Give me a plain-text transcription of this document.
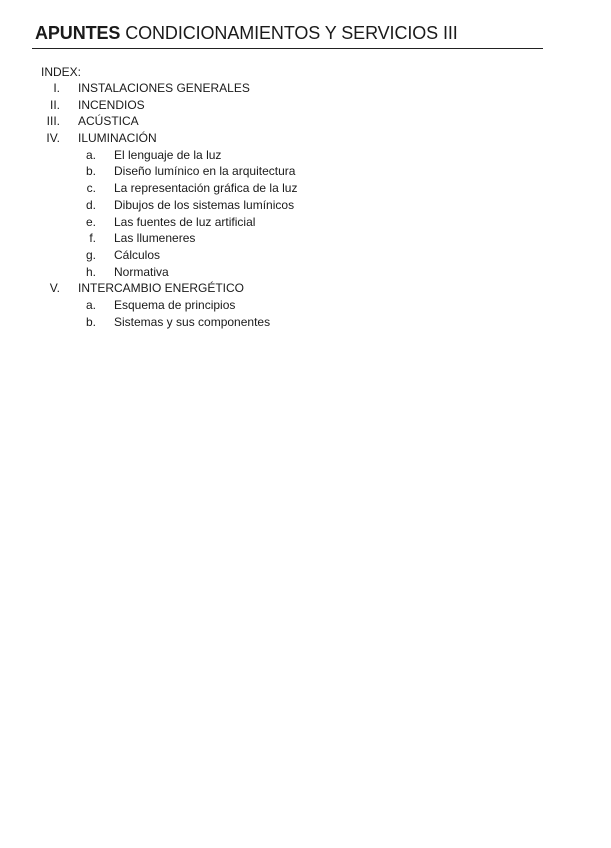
APUNTES CONDICIONAMIENTOS Y SERVICIOS III
INDEX:
I. INSTALACIONES GENERALES
II. INCENDIOS
III. ACÚSTICA
IV. ILUMINACIÓN
a. El lenguaje de la luz
b. Diseño lumínico en la arquitectura
c. La representación gráfica de la luz
d. Dibujos de los sistemas lumínicos
e. Las fuentes de luz artificial
f. Las llumeneres
g. Cálculos
h. Normativa
V. INTERCAMBIO ENERGÉTICO
a. Esquema de principios
b. Sistemas y sus componentes
